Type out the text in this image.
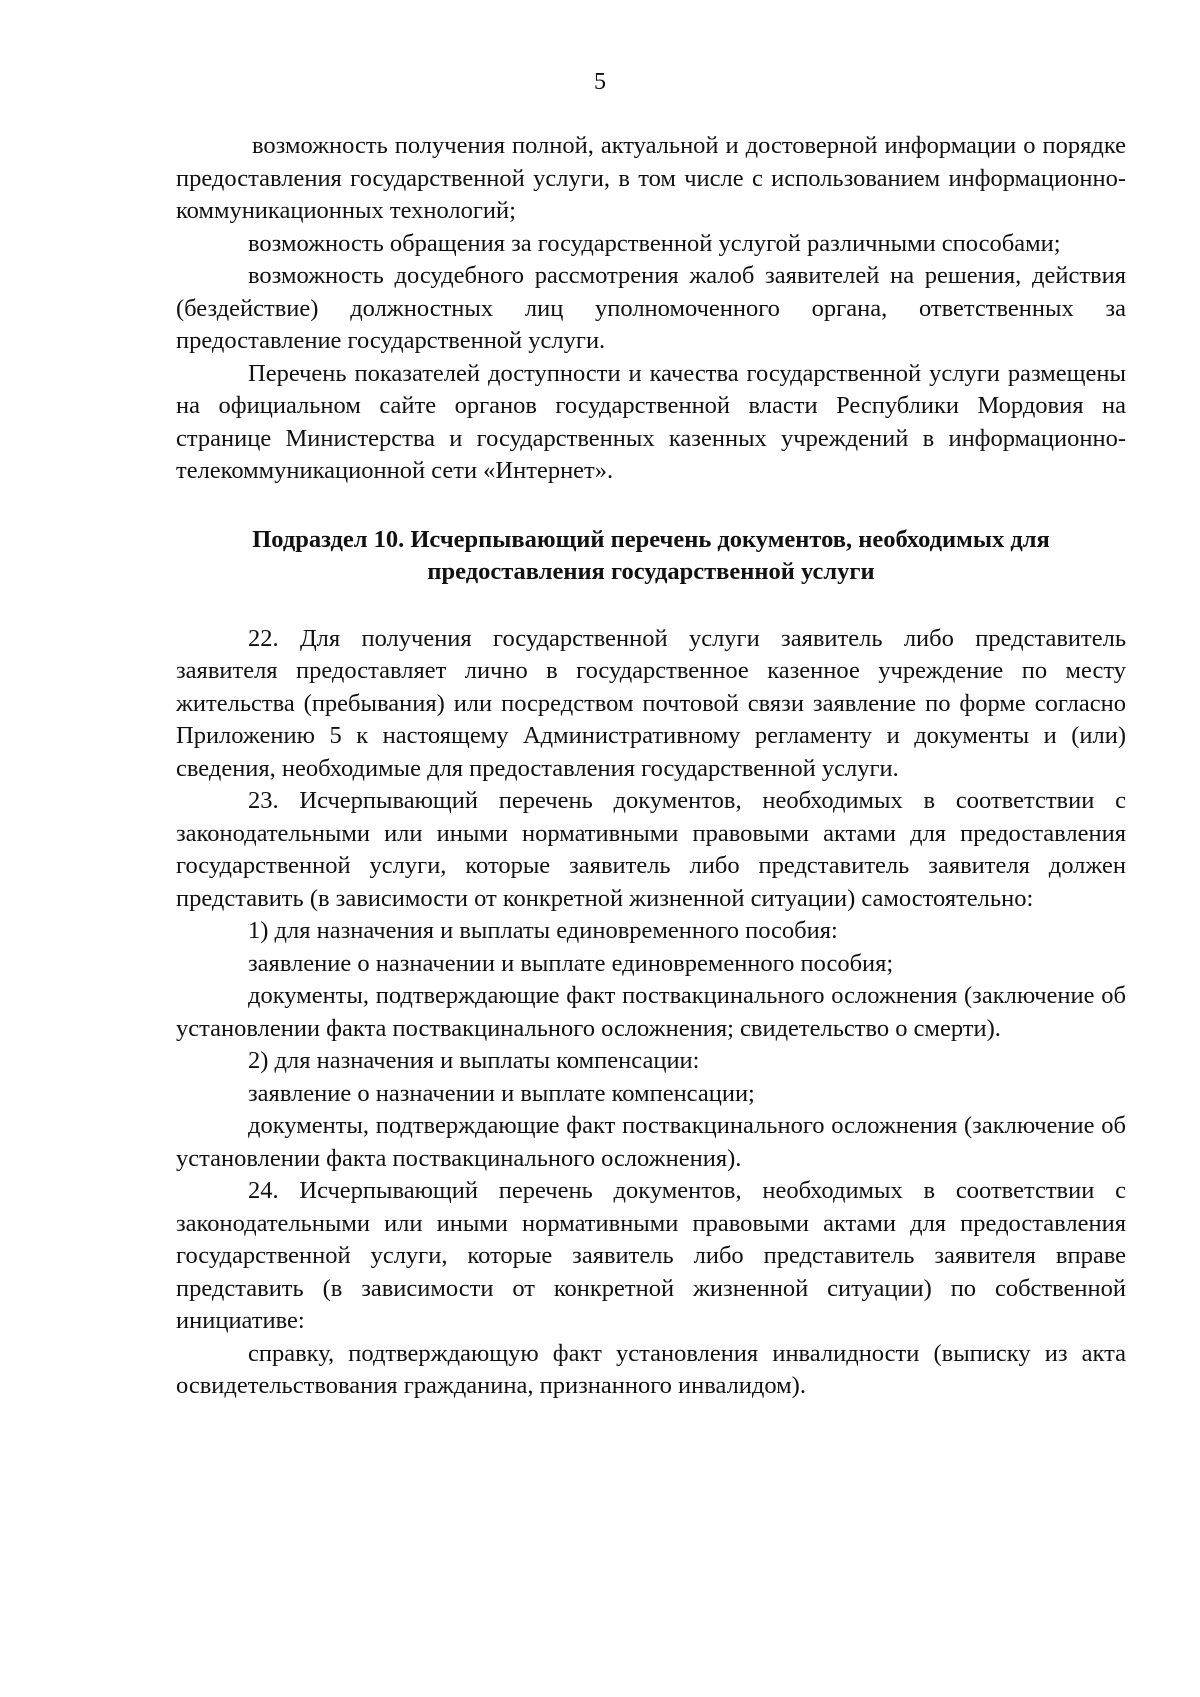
5

возможность получения полной, актуальной и достоверной информации о порядке предоставления государственной услуги, в том числе с использованием информационно-коммуникационных технологий;

возможность обращения за государственной услугой различными способами;

возможность досудебного рассмотрения жалоб заявителей на решения, действия (бездействие) должностных лиц уполномоченного органа, ответственных за предоставление государственной услуги.

Перечень показателей доступности и качества государственной услуги размещены на официальном сайте органов государственной власти Республики Мордовия на странице Министерства и государственных казенных учреждений в информационно-телекоммуникационной сети «Интернет».

Подраздел 10. Исчерпывающий перечень документов, необходимых для

предоставления государственной услуги

22. Для получения государственной услуги заявитель либо представитель заявителя предоставляет лично в государственное казенное учреждение по месту жительства (пребывания) или посредством почтовой связи заявление по форме согласно Приложению 5 к настоящему Административному регламенту и документы и (или) сведения, необходимые для предоставления государственной услуги.

23. Исчерпывающий перечень документов, необходимых в соответствии с законодательными или иными нормативными правовыми актами для предоставления государственной услуги, которые заявитель либо представитель заявителя должен представить (в зависимости от конкретной жизненной ситуации) самостоятельно:

1) для назначения и выплаты единовременного пособия:

заявление о назначении и выплате единовременного пособия;

документы, подтверждающие факт поствакцинального осложнения (заключение об установлении факта поствакцинального осложнения; свидетельство о смерти).

2) для назначения и выплаты компенсации:

заявление о назначении и выплате компенсации;

документы, подтверждающие факт поствакцинального осложнения (заключение об установлении факта поствакцинального осложнения).

24. Исчерпывающий перечень документов, необходимых в соответствии с законодательными или иными нормативными правовыми актами для предоставления государственной услуги, которые заявитель либо представитель заявителя вправе представить (в зависимости от конкретной жизненной ситуации) по собственной инициативе:

справку, подтверждающую факт установления инвалидности (выписку из акта освидетельствования гражданина, признанного инвалидом).
